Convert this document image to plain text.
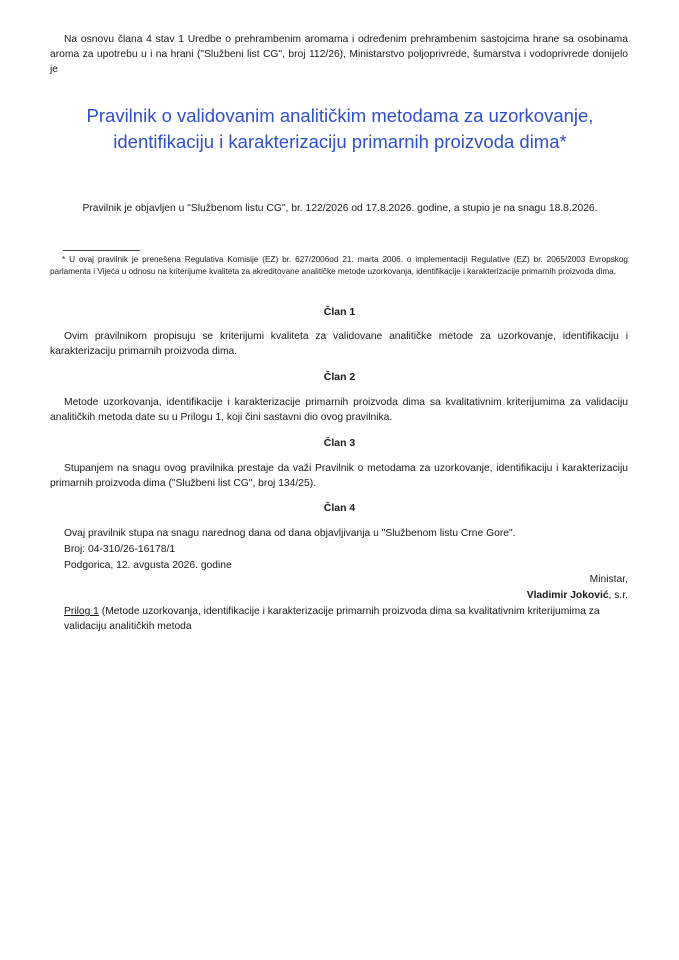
Na osnovu člana 4 stav 1 Uredbe o prehrambenim aromama i određenim prehrambenim sastojcima hrane sa osobinama aroma za upotrebu u i na hrani ("Službeni list CG", broj 112/26), Ministarstvo poljoprivrede, šumarstva i vodoprivrede donijelo je
Pravilnik o validovanim analitičkim metodama za uzorkovanje,
identifikaciju i karakterizaciju primarnih proizvoda dima*
Pravilnik je objavljen u "Službenom listu CG", br. 122/2026 od 17.8.2026. godine, a stupio je na snagu 18.8.2026.
* U ovaj pravilnik je prenešena Regulativa Komisije (EZ) br. 627/2006od 21. marta 2006. o implementaciji Regulative (EZ) br. 2065/2003 Evropskog parlamenta i Vijeća u odnosu na kriterijume kvaliteta za akreditovane analitičke metode uzorkovanja, identifikacije i karakterizacije primarnih proizvoda dima.
Član 1
Ovim pravilnikom propisuju se kriterijumi kvaliteta za validovane analitičke metode za uzorkovanje, identifikaciju i karakterizaciju primarnih proizvoda dima.
Član 2
Metode uzorkovanja, identifikacije i karakterizacije primarnih proizvoda dima sa kvalitativnim kriterijumima za validaciju analitičkih metoda date su u Prilogu 1, koji čini sastavni dio ovog pravilnika.
Član 3
Stupanjem na snagu ovog pravilnika prestaje da važi Pravilnik o metodama za uzorkovanje, identifikaciju i karakterizaciju primarnih proizvoda dima ("Službeni list CG", broj 134/25).
Član 4
Ovaj pravilnik stupa na snagu narednog dana od dana objavljivanja u "Službenom listu Crne Gore".
Broj: 04-310/26-16178/1
Podgorica, 12. avgusta 2026. godine
Ministar,
Vladimir Joković, s.r.
Prilog 1 (Metode uzorkovanja, identifikacije i karakterizacije primarnih proizvoda dima sa kvalitativnim kriterijumima za validaciju analitičkih metoda
